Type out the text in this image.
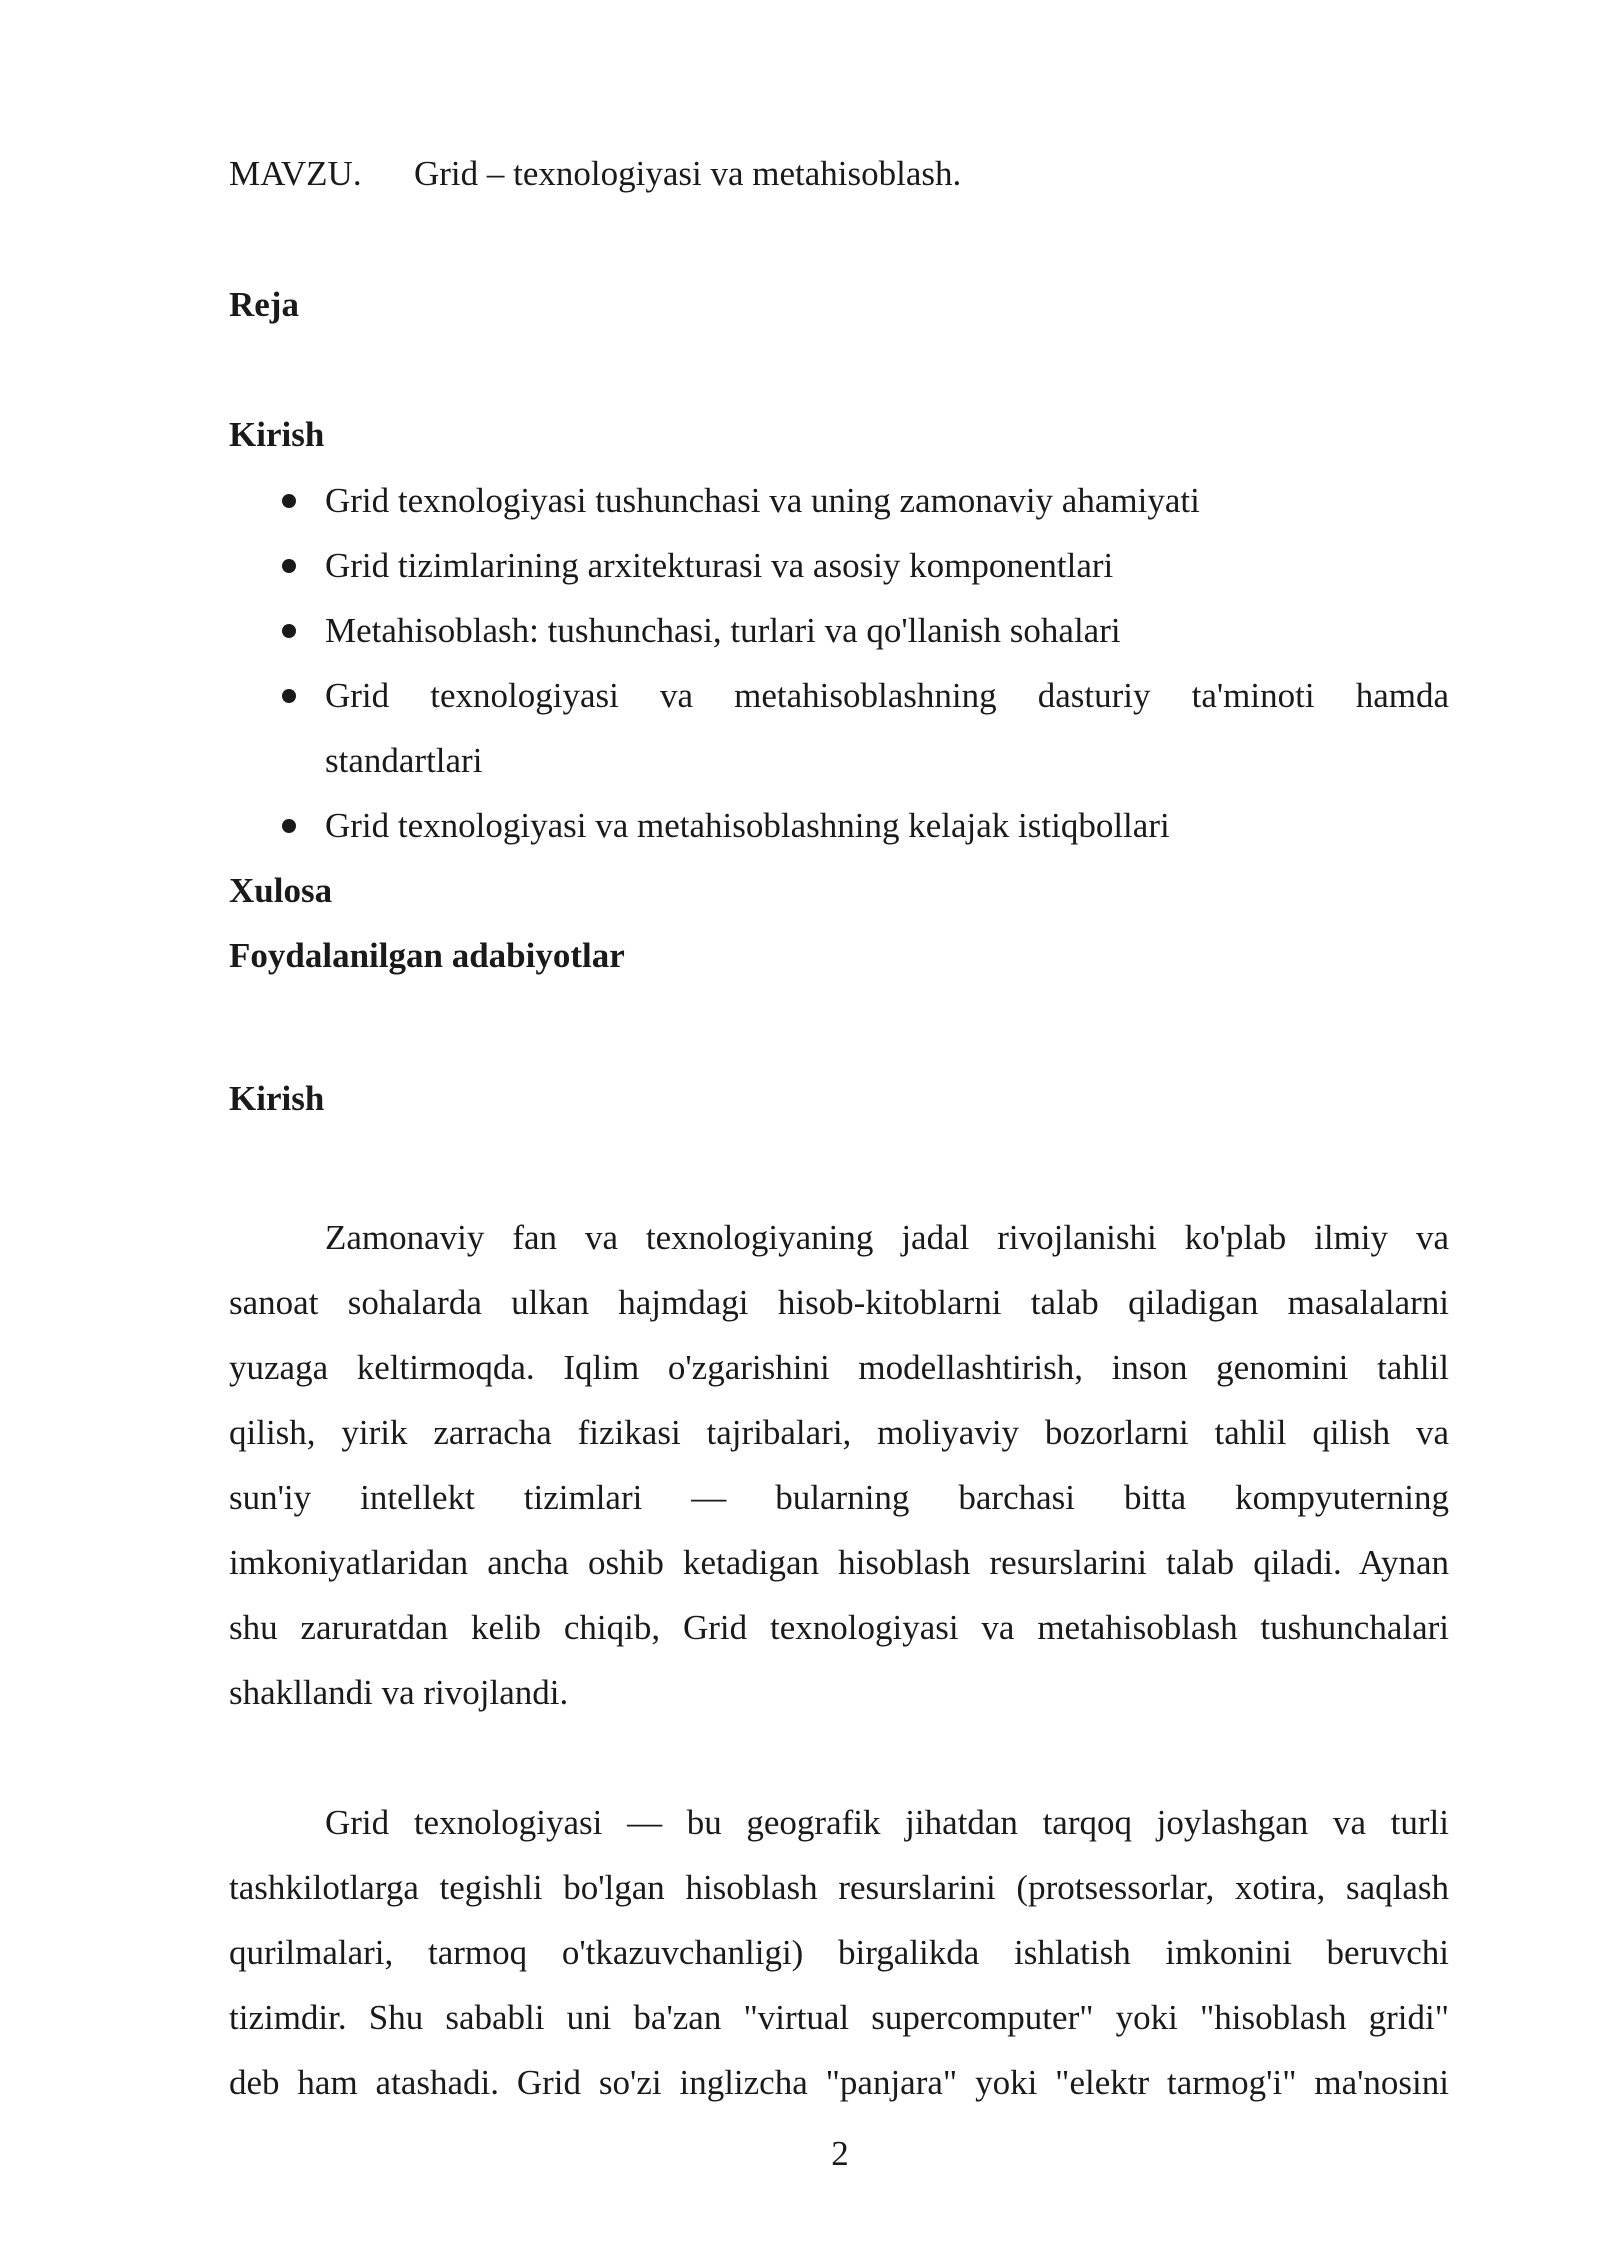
MAVZU. Grid – texnologiyasi va metahisoblash.
Reja
Kirish
Grid texnologiyasi tushunchasi va uning zamonaviy ahamiyati
Grid tizimlarining arxitekturasi va asosiy komponentlari
Metahisoblash: tushunchasi, turlari va qo'llanish sohalari
Grid texnologiyasi va metahisoblashning dasturiy ta'minoti hamda
standartlari
Grid texnologiyasi va metahisoblashning kelajak istiqbollari
Xulosa
Foydalanilgan adabiyotlar
Kirish
Zamonaviy fan va texnologiyaning jadal rivojlanishi ko'plab ilmiy va
sanoat sohalarda ulkan hajmdagi hisob-kitoblarni talab qiladigan masalalarni
yuzaga keltirmoqda. Iqlim o'zgarishini modellashtirish, inson genomini tahlil
qilish, yirik zarracha fizikasi tajribalari, moliyaviy bozorlarni tahlil qilish va
sun'iy intellekt tizimlari — bularning barchasi bitta kompyuterning
imkoniyatlaridan ancha oshib ketadigan hisoblash resurslarini talab qiladi. Aynan
shu zaruratdan kelib chiqib, Grid texnologiyasi va metahisoblash tushunchalari
shakllandi va rivojlandi.
Grid texnologiyasi — bu geografik jihatdan tarqoq joylashgan va turli
tashkilotlarga tegishli bo'lgan hisoblash resurslarini (protsessorlar, xotira, saqlash
qurilmalari, tarmoq o'tkazuvchanligi) birgalikda ishlatish imkonini beruvchi
tizimdir. Shu sababli uni ba'zan "virtual supercomputer" yoki "hisoblash gridi"
deb ham atashadi. Grid so'zi inglizcha "panjara" yoki "elektr tarmog'i" ma'nosini
2
